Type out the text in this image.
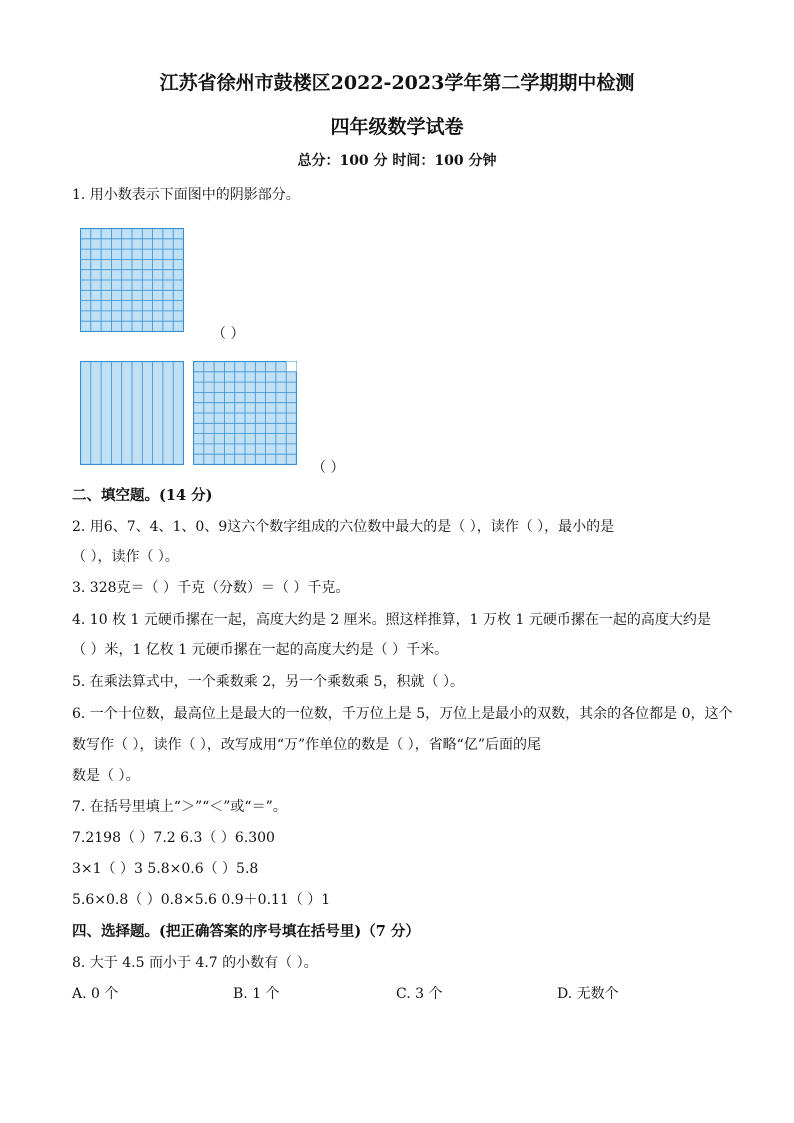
江苏省徐州市鼓楼区2022-2023学年第二学期期中检测
四年级数学试卷
总分：100 分 时间：100 分钟
1. 用小数表示下面图中的阴影部分。
（ ）
（ ）
二、填空题。(14 分)
2. 用6、7、4、1、0、9这六个数字组成的六位数中最大的是（ ），读作（ ），最小的是
（ ），读作（ ）。
3. 328克＝（ ）千克（分数）＝（ ）千克。
4. 10 枚 1 元硬币摞在一起，高度大约是 2 厘米。照这样推算，1 万枚 1 元硬币摞在一起的高度大约是
（ ）米，1 亿枚 1 元硬币摞在一起的高度大约是（ ）千米。
5. 在乘法算式中，一个乘数乘 2，另一个乘数乘 5，积就（ ）。
6. 一个十位数，最高位上是最大的一位数，千万位上是 5，万位上是最小的双数，其余的各位都是 0，这个
数写作（ ），读作（ ），改写成用“万”作单位的数是（ ），省略“亿”后面的尾
数是（ ）。
7. 在括号里填上“＞”“＜”或“＝”。
7.2198（ ）7.2 6.3（ ）6.300
3×1（ ）3 5.8×0.6（ ）5.8
5.6×0.8（ ）0.8×5.6 0.9＋0.11（ ）1
四、选择题。(把正确答案的序号填在括号里)（7 分）
8. 大于 4.5 而小于 4.7 的小数有（ ）。
A. 0 个	B. 1 个	C. 3 个	D. 无数个
